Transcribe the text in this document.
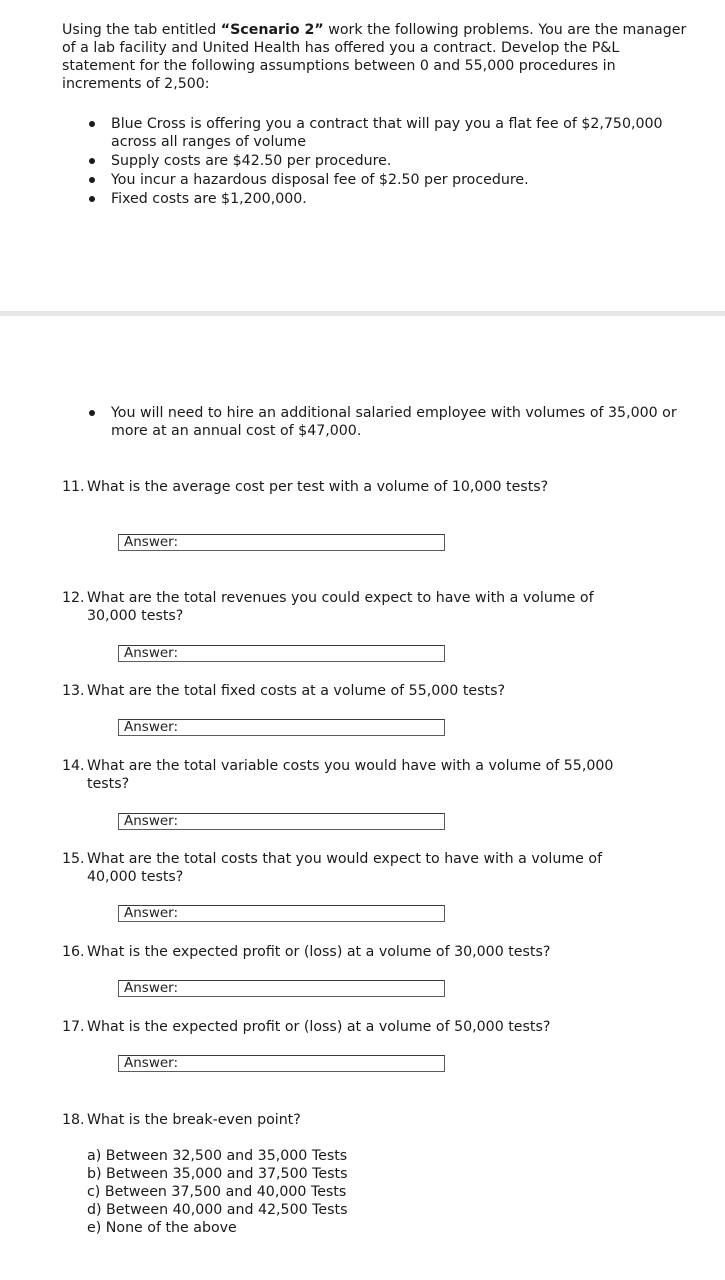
Using the tab entitled “Scenario 2” work the following problems. You are the manager of a lab facility and United Health has offered you a contract. Develop the P&L statement for the following assumptions between 0 and 55,000 procedures in increments of 2,500:

Blue Cross is offering you a contract that will pay you a flat fee of $2,750,000 across all ranges of volume
Supply costs are $42.50 per procedure.
You incur a hazardous disposal fee of $2.50 per procedure.
Fixed costs are $1,200,000.
You will need to hire an additional salaried employee with volumes of 35,000 or more at an annual cost of $47,000.

11. What is the average cost per test with a volume of 10,000 tests?

Answer:

12. What are the total revenues you could expect to have with a volume of
30,000 tests?

Answer:

13. What are the total fixed costs at a volume of 55,000 tests?

Answer:

14. What are the total variable costs you would have with a volume of 55,000
tests?

Answer:

15. What are the total costs that you would expect to have with a volume of
40,000 tests?

Answer:

16. What is the expected profit or (loss) at a volume of 30,000 tests?

Answer:

17. What is the expected profit or (loss) at a volume of 50,000 tests?

Answer:

18. What is the break-even point?

a) Between 32,500 and 35,000 Tests
b) Between 35,000 and 37,500 Tests
c) Between 37,500 and 40,000 Tests
d) Between 40,000 and 42,500 Tests
e) None of the above
